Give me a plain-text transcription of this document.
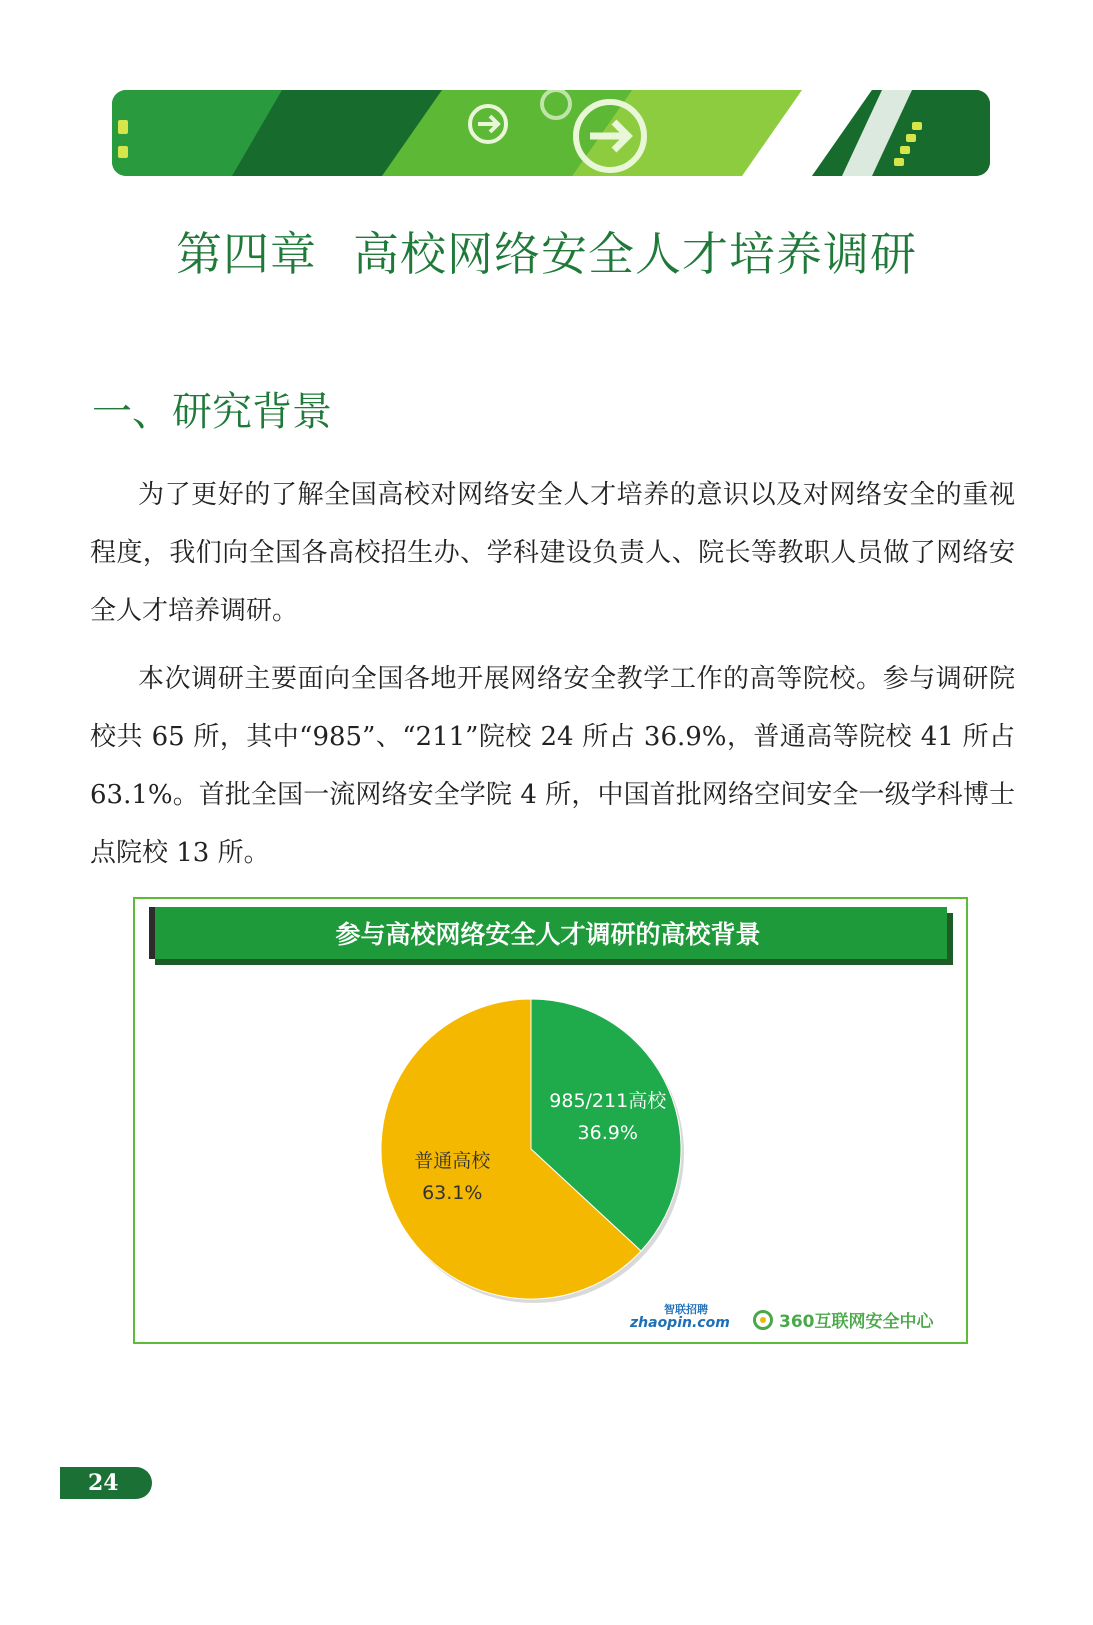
第四章 高校网络安全人才培养调研
一、研究背景

为了更好的了解全国高校对网络安全人才培养的意识以及对网络安全的重视程度，我们向全国各高校招生办、学科建设负责人、院长等教职人员做了网络安全人才培养调研。

本次调研主要面向全国各地开展网络安全教学工作的高等院校。参与调研院校共 65 所，其中“985”、“211”院校 24 所占 36.9%，普通高等院校 41 所占 63.1%。首批全国一流网络安全学院 4 所，中国首批网络空间安全一级学科博士点院校 13 所。

参与高校网络安全人才调研的高校背景
985/211高校
36.9%
普通高校
63.1%
智联招聘
zhaopin.com	360互联网安全中心
24
